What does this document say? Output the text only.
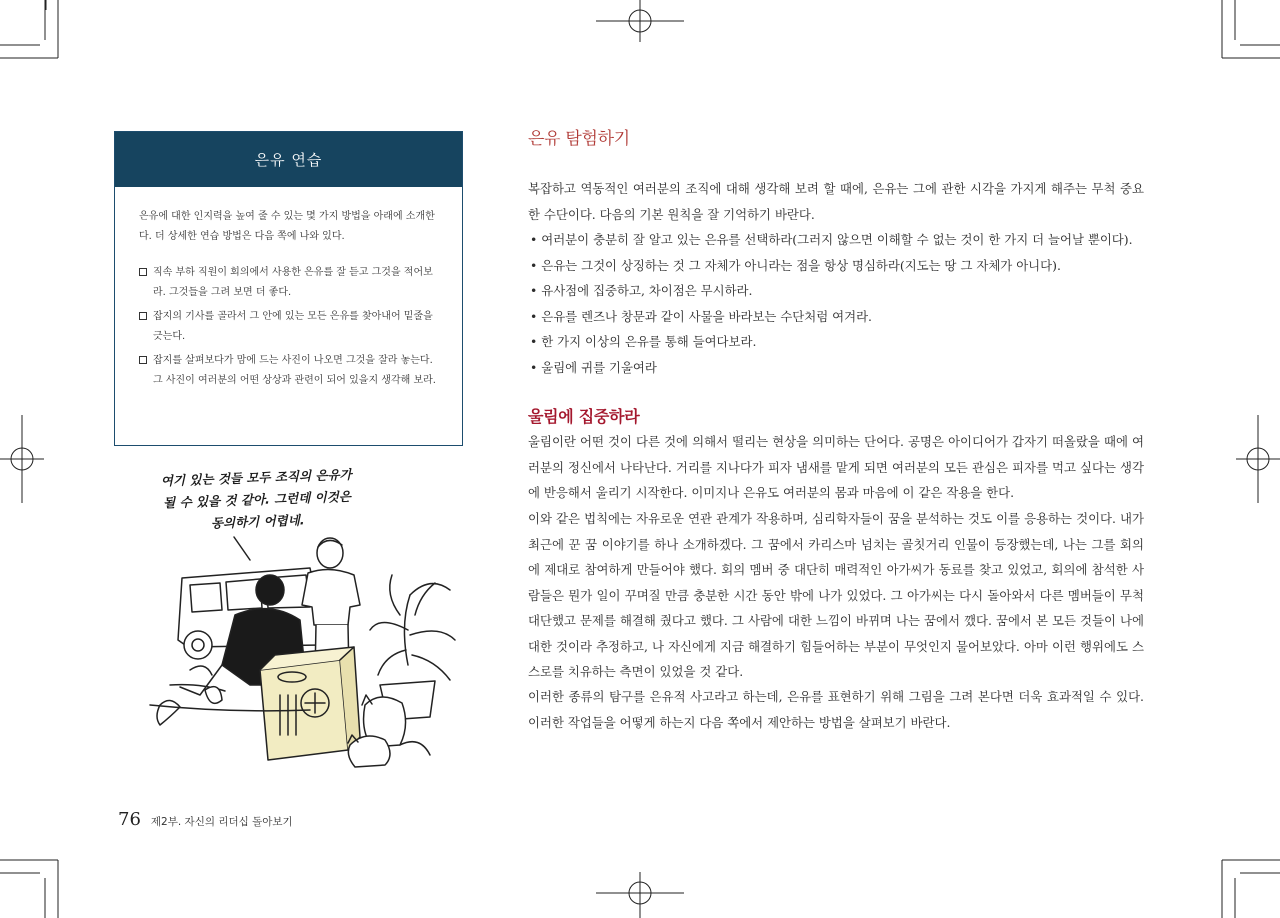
은유 연습

은유에 대한 인지력을 높여 줄 수 있는 몇 가지 방법을 아래에 소개한다. 더 상세한 연습 방법은 다음 쪽에 나와 있다.

직속 부하 직원이 회의에서 사용한 은유를 잘 듣고 그것을 적어보라. 그것들을 그려 보면 더 좋다.
잡지의 기사를 골라서 그 안에 있는 모든 은유를 찾아내어 밑줄을 긋는다.
잡지를 살펴보다가 맘에 드는 사진이 나오면 그것을 잘라 놓는다. 그 사진이 여러분의 어떤 상상과 관련이 되어 있을지 생각해 보라.
여기 있는 것들 모두 조직의 은유가
될 수 있을 것 같아. 그런데 이것은
동의하기 어렵네.
76 제2부. 자신의 리더십 돌아보기
은유 탐험하기
복잡하고 역동적인 여러분의 조직에 대해 생각해 보려 할 때에, 은유는 그에 관한 시각을 가지게 해주는 무척 중요한 수단이다. 다음의 기본 원칙을 잘 기억하기 바란다.
• 여러분이 충분히 잘 알고 있는 은유를 선택하라(그러지 않으면 이해할 수 없는 것이 한 가지 더 늘어날 뿐이다).
• 은유는 그것이 상징하는 것 그 자체가 아니라는 점을 항상 명심하라(지도는 땅 그 자체가 아니다).
• 유사점에 집중하고, 차이점은 무시하라.
• 은유를 렌즈나 창문과 같이 사물을 바라보는 수단처럼 여겨라.
• 한 가지 이상의 은유를 통해 들여다보라.
• 울림에 귀를 기울여라
울림에 집중하라
울림이란 어떤 것이 다른 것에 의해서 떨리는 현상을 의미하는 단어다. 공명은 아이디어가 갑자기 떠올랐을 때에 여러분의 정신에서 나타난다. 거리를 지나다가 피자 냄새를 맡게 되면 여러분의 모든 관심은 피자를 먹고 싶다는 생각에 반응해서 울리기 시작한다. 이미지나 은유도 여러분의 몸과 마음에 이 같은 작용을 한다.
이와 같은 법칙에는 자유로운 연관 관계가 작용하며, 심리학자들이 꿈을 분석하는 것도 이를 응용하는 것이다. 내가 최근에 꾼 꿈 이야기를 하나 소개하겠다. 그 꿈에서 카리스마 넘치는 골칫거리 인물이 등장했는데, 나는 그를 회의에 제대로 참여하게 만들어야 했다. 회의 멤버 중 대단히 매력적인 아가씨가 동료를 찾고 있었고, 회의에 참석한 사람들은 뭔가 일이 꾸며질 만큼 충분한 시간 동안 밖에 나가 있었다. 그 아가씨는 다시 돌아와서 다른 멤버들이 무척 대단했고 문제를 해결해 줬다고 했다. 그 사람에 대한 느낌이 바뀌며 나는 꿈에서 깼다. 꿈에서 본 모든 것들이 나에 대한 것이라 추정하고, 나 자신에게 지금 해결하기 힘들어하는 부분이 무엇인지 물어보았다. 아마 이런 행위에도 스스로를 치유하는 측면이 있었을 것 같다.
이러한 종류의 탐구를 은유적 사고라고 하는데, 은유를 표현하기 위해 그림을 그려 본다면 더욱 효과적일 수 있다. 이러한 작업들을 어떻게 하는지 다음 쪽에서 제안하는 방법을 살펴보기 바란다.
